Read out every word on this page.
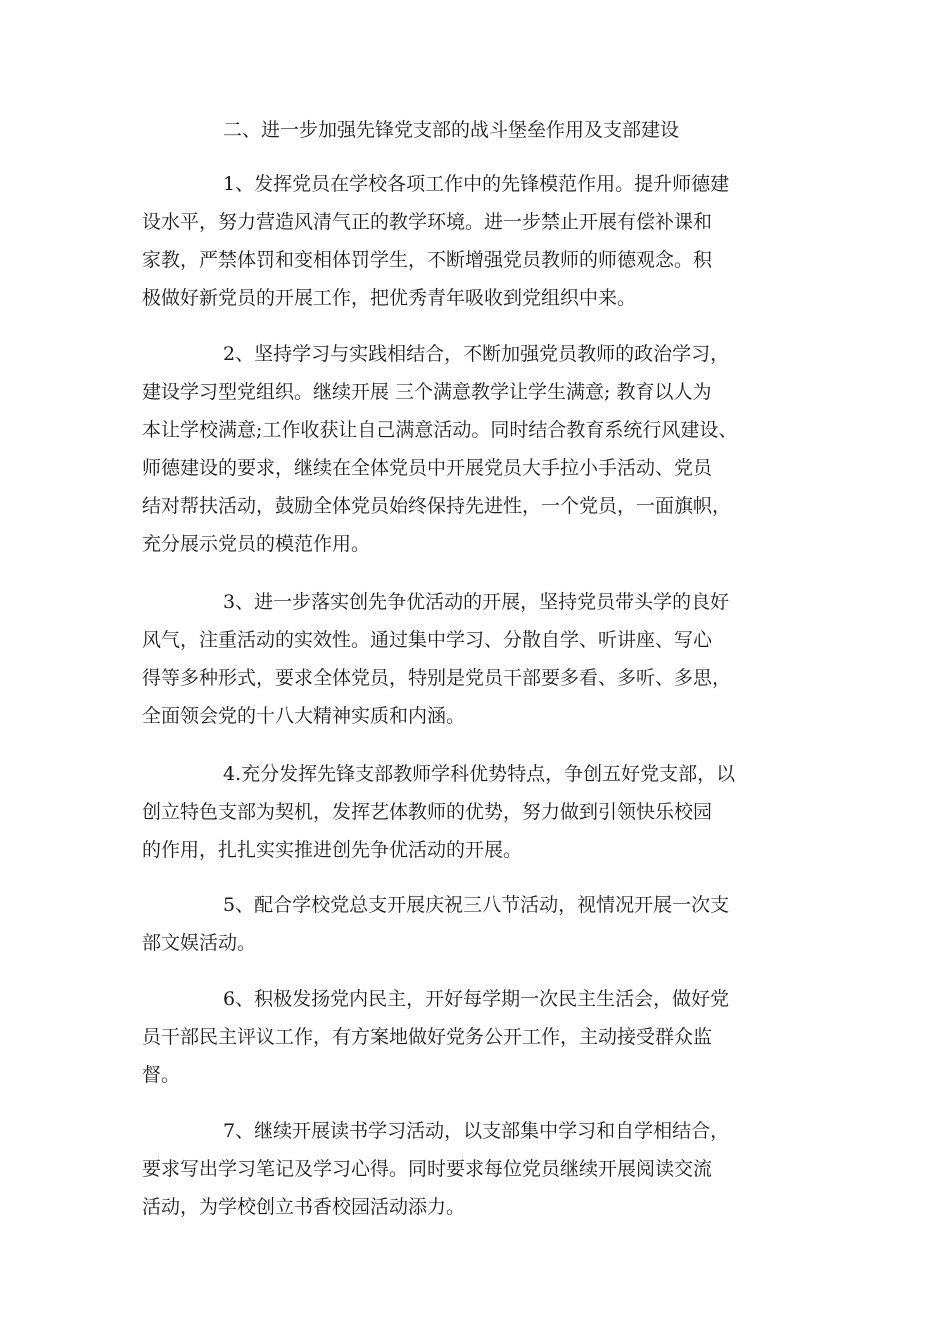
二、进一步加强先锋党支部的战斗堡垒作用及支部建设
1、发挥党员在学校各项工作中的先锋模范作用。提升师德建
设水平，努力营造风清气正的教学环境。进一步禁止开展有偿补课和
家教，严禁体罚和变相体罚学生，不断增强党员教师的师德观念。积
极做好新党员的开展工作，把优秀青年吸收到党组织中来。
2、坚持学习与实践相结合，不断加强党员教师的政治学习，
建设学习型党组织。继续开展 三个满意教学让学生满意; 教育以人为
本让学校满意;工作收获让自己满意活动。同时结合教育系统行风建设、
师德建设的要求，继续在全体党员中开展党员大手拉小手活动、党员
结对帮扶活动，鼓励全体党员始终保持先进性，一个党员，一面旗帜，
充分展示党员的模范作用。
3、进一步落实创先争优活动的开展，坚持党员带头学的良好
风气，注重活动的实效性。通过集中学习、分散自学、听讲座、写心
得等多种形式，要求全体党员，特别是党员干部要多看、多听、多思，
全面领会党的十八大精神实质和内涵。
4.充分发挥先锋支部教师学科优势特点，争创五好党支部，以
创立特色支部为契机，发挥艺体教师的优势，努力做到引领快乐校园
的作用，扎扎实实推进创先争优活动的开展。
5、配合学校党总支开展庆祝三八节活动，视情况开展一次支
部文娱活动。
6、积极发扬党内民主，开好每学期一次民主生活会，做好党
员干部民主评议工作，有方案地做好党务公开工作，主动接受群众监
督。
7、继续开展读书学习活动，以支部集中学习和自学相结合，
要求写出学习笔记及学习心得。同时要求每位党员继续开展阅读交流
活动，为学校创立书香校园活动添力。
